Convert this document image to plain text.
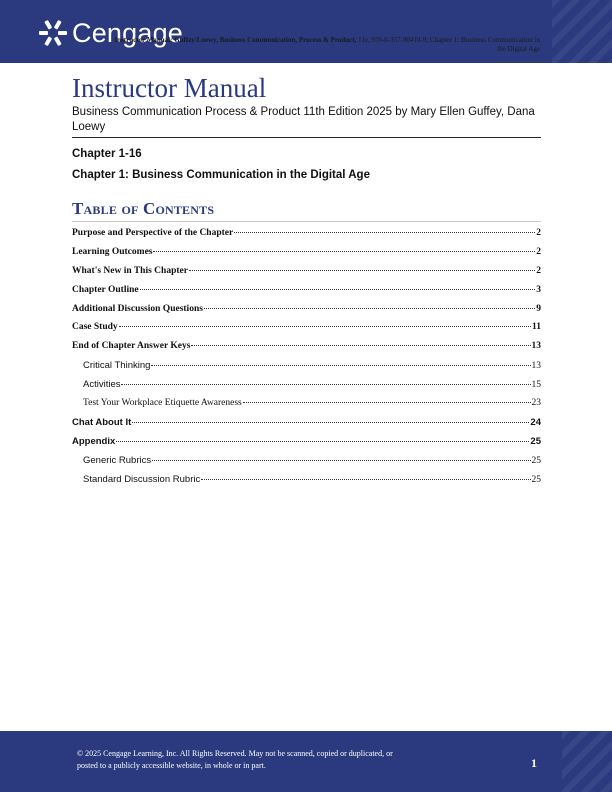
Cengage
Instructor Manual: Guffey/Loewy, Business Communication, Process & Product, 11e, 978-0-357-90410-9; Chapter 1: Business Communication in the Digital Age
Instructor Manual
Business Communication Process & Product 11th Edition 2025 by Mary Ellen Guffey, Dana Loewy
Chapter 1-16
Chapter 1: Business Communication in the Digital Age
Table of Contents
Purpose and Perspective of the Chapter	2
Learning Outcomes	2
What's New in This Chapter	2
Chapter Outline	3
Additional Discussion Questions	9
Case Study	11
End of Chapter Answer Keys	13
Critical Thinking	13
Activities	15
Test Your Workplace Etiquette Awareness	23
Chat About It	24
Appendix	25
Generic Rubrics	25
Standard Discussion Rubric	25
© 2025 Cengage Learning, Inc. All Rights Reserved. May not be scanned, copied or duplicated, or
posted to a publicly accessible website, in whole or in part.	1
